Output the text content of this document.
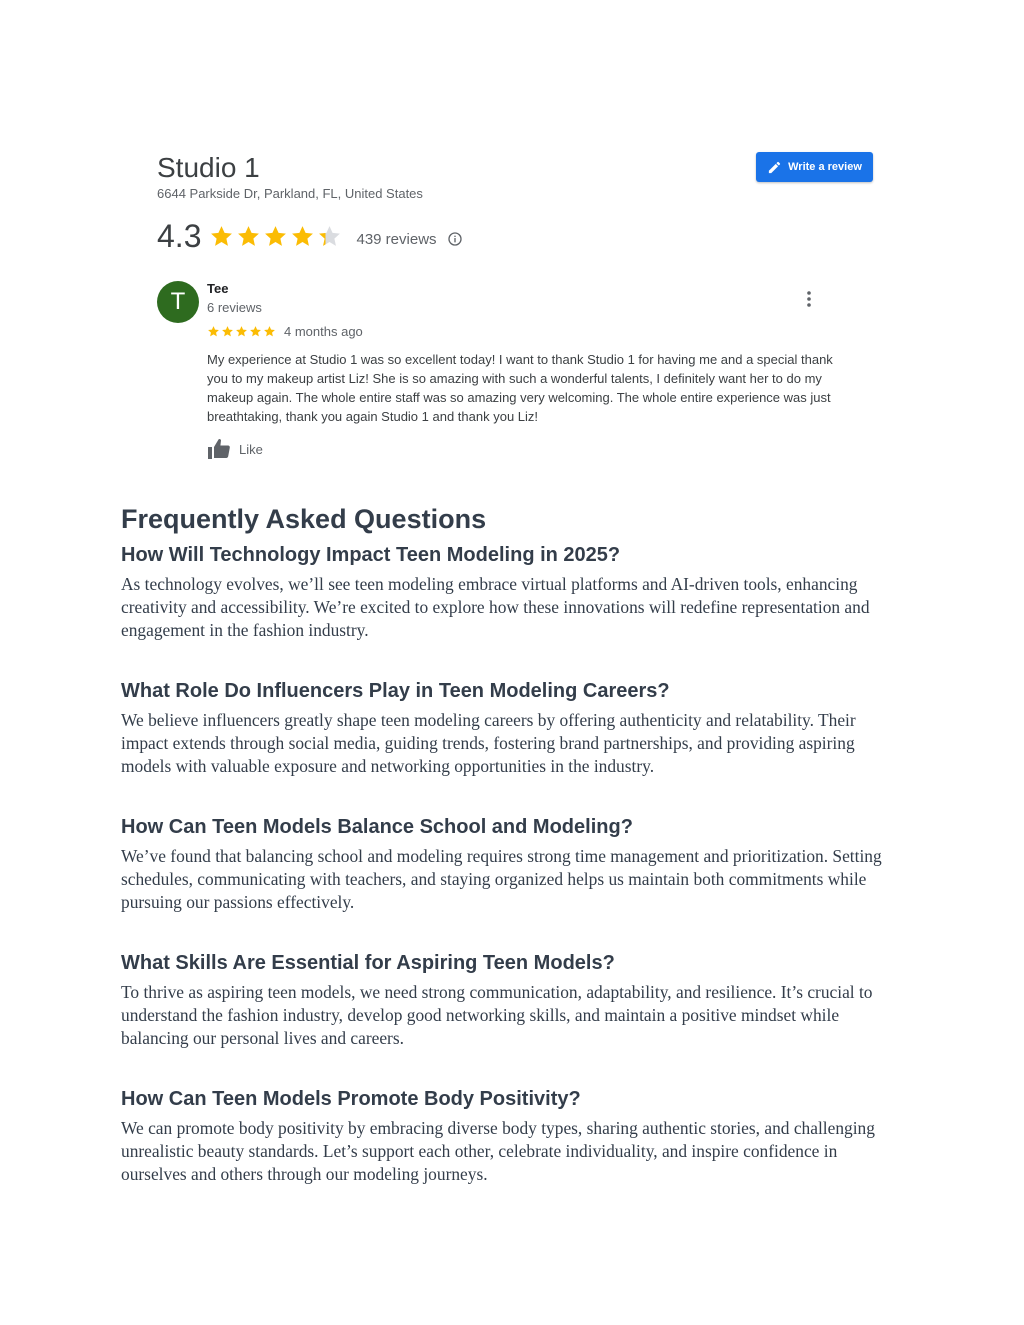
Studio 1
6644 Parkside Dr, Parkland, FL, United States
Write a review
4.3	439 reviews
T	Tee
6 reviews
4 months ago

My experience at Studio 1 was so excellent today! I want to thank Studio 1 for having me and a special thank you to my makeup artist Liz! She is so amazing with such a wonderful talents, I definitely want her to do my makeup again. The whole entire staff was so amazing very welcoming. The whole entire experience was just breathtaking, thank you again Studio 1 and thank you Liz!

Like
Frequently Asked Questions
How Will Technology Impact Teen Modeling in 2025?

As technology evolves, we’ll see teen modeling embrace virtual platforms and AI-driven tools, enhancing creativity and accessibility. We’re excited to explore how these innovations will redefine representation and engagement in the fashion industry.

What Role Do Influencers Play in Teen Modeling Careers?

We believe influencers greatly shape teen modeling careers by offering authenticity and relatability. Their impact extends through social media, guiding trends, fostering brand partnerships, and providing aspiring models with valuable exposure and networking opportunities in the industry.

How Can Teen Models Balance School and Modeling?

We’ve found that balancing school and modeling requires strong time management and prioritization. Setting schedules, communicating with teachers, and staying organized helps us maintain both commitments while pursuing our passions effectively.

What Skills Are Essential for Aspiring Teen Models?

To thrive as aspiring teen models, we need strong communication, adaptability, and resilience. It’s crucial to understand the fashion industry, develop good networking skills, and maintain a positive mindset while balancing our personal lives and careers.

How Can Teen Models Promote Body Positivity?

We can promote body positivity by embracing diverse body types, sharing authentic stories, and challenging unrealistic beauty standards. Let’s support each other, celebrate individuality, and inspire confidence in ourselves and others through our modeling journeys.
